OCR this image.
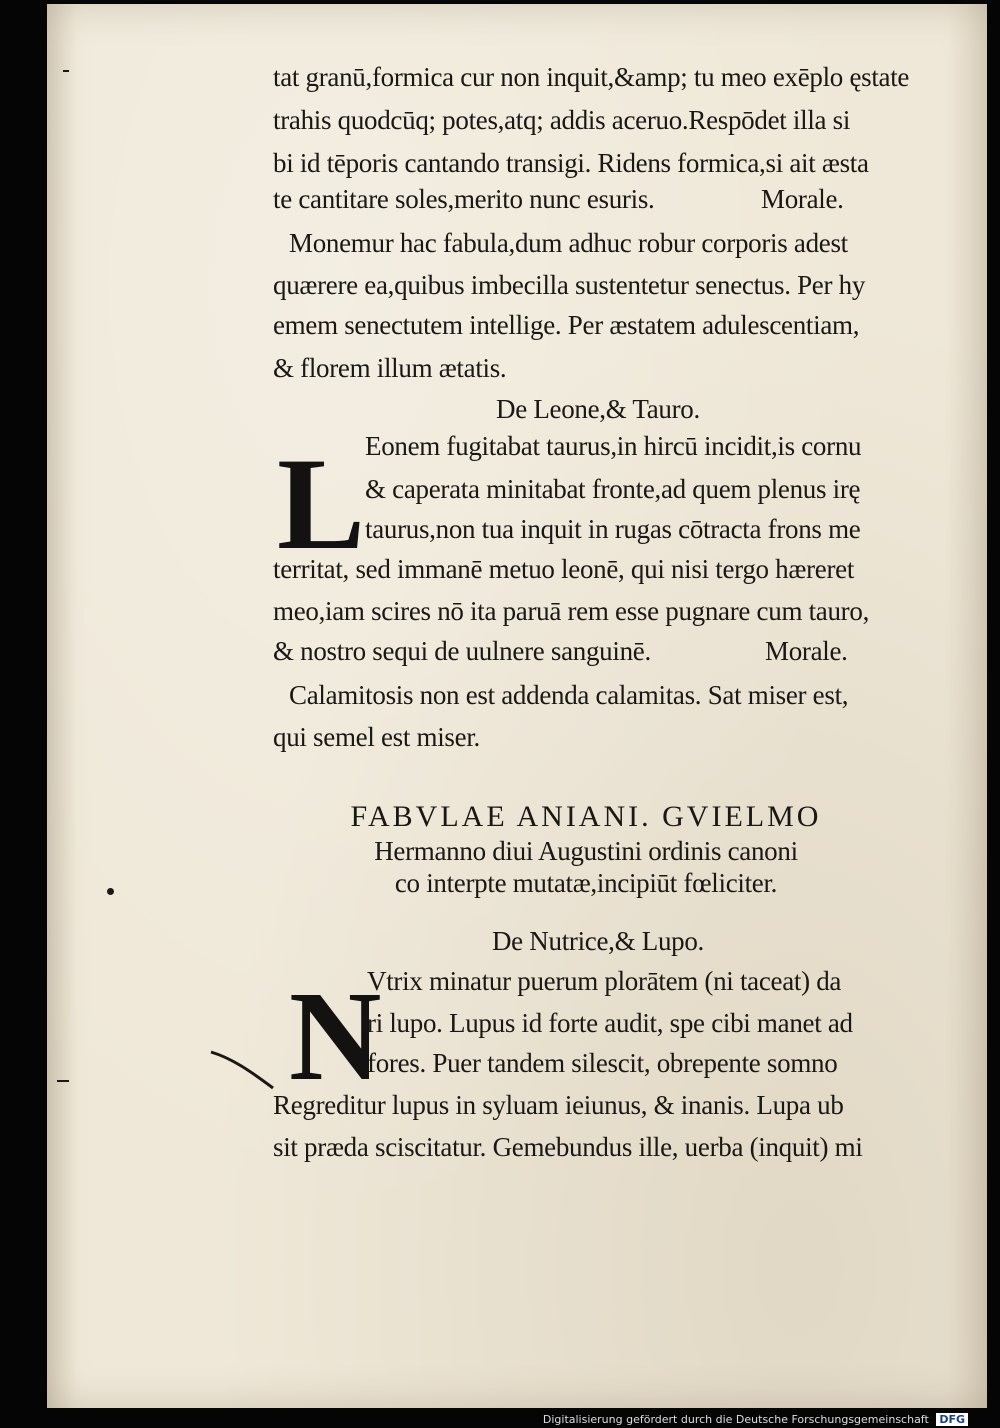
tat granū,formica cur non inquit,&amp; tu meo exēplo ęstate
trahis quodcūq; potes,atq; addis aceruo.Respōdet illa si
bi id tēporis cantando transigi. Ridens formica,si ait æsta
te cantitare soles,merito nunc esuris.	Morale.
Monemur hac fabula,dum adhuc robur corporis adest
quærere ea,quibus imbecilla sustentetur senectus. Per hy
emem senectutem intellige. Per æstatem adulescentiam,
& florem illum ætatis.
De Leone,& Tauro.
L Eonem fugitabat taurus,in hircū incidit,is cornu
& caperata minitabat fronte,ad quem plenus irę
taurus,non tua inquit in rugas cōtracta frons me
territat, sed immanē metuo leonē, qui nisi tergo hæreret
meo,iam scires nō ita paruā rem esse pugnare cum tauro,
& nostro sequi de uulnere sanguinē.	Morale.
Calamitosis non est addenda calamitas. Sat miser est,
qui semel est miser.
FABVLAE ANIANI. GVIELMO
Hermanno diui Augustini ordinis canoni
co interpte mutatæ,incipiūt fœliciter.
De Nutrice,& Lupo.
N
Vtrix minatur puerum plorātem (ni taceat) da
ri lupo. Lupus id forte audit, spe cibi manet ad
fores. Puer tandem silescit, obrepente somno
Regreditur lupus in syluam ieiunus, & inanis. Lupa ub
sit præda sciscitatur. Gemebundus ille, uerba (inquit) mi
Digitalisierung gefördert durch die Deutsche Forschungsgemeinschaft DFG
